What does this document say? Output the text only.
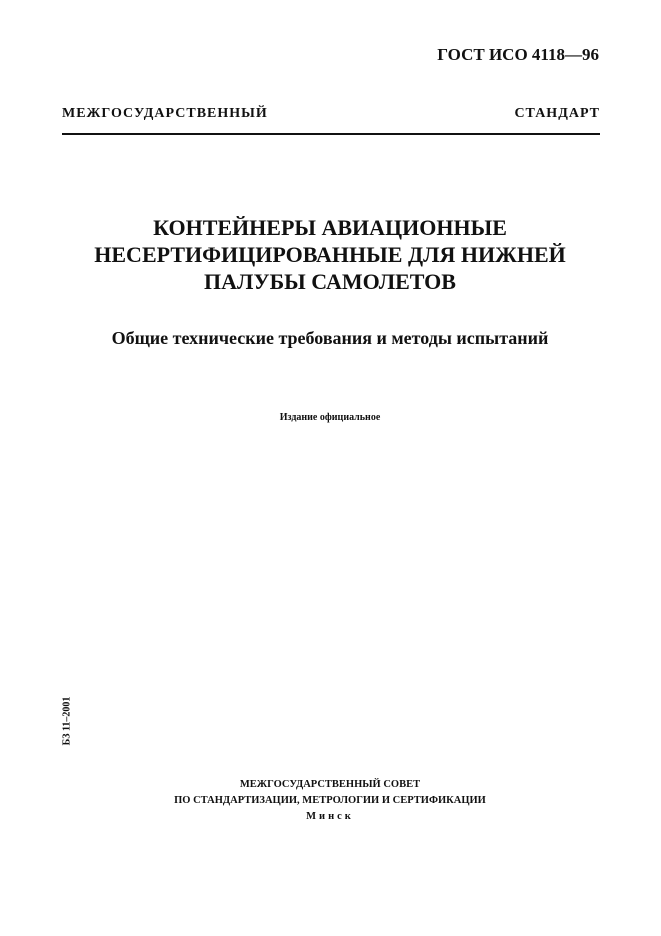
ГОСТ ИСО 4118—96
МЕЖГОСУДАРСТВЕННЫЙ СТАНДАРТ
КОНТЕЙНЕРЫ АВИАЦИОННЫЕ
НЕСЕРТИФИЦИРОВАННЫЕ ДЛЯ НИЖНЕЙ
ПАЛУБЫ САМОЛЕТОВ
Общие технические требования и методы испытаний
Издание официальное
БЗ 11–2001
МЕЖГОСУДАРСТВЕННЫЙ СОВЕТ
ПО СТАНДАРТИЗАЦИИ, МЕТРОЛОГИИ И СЕРТИФИКАЦИИ
Минск
